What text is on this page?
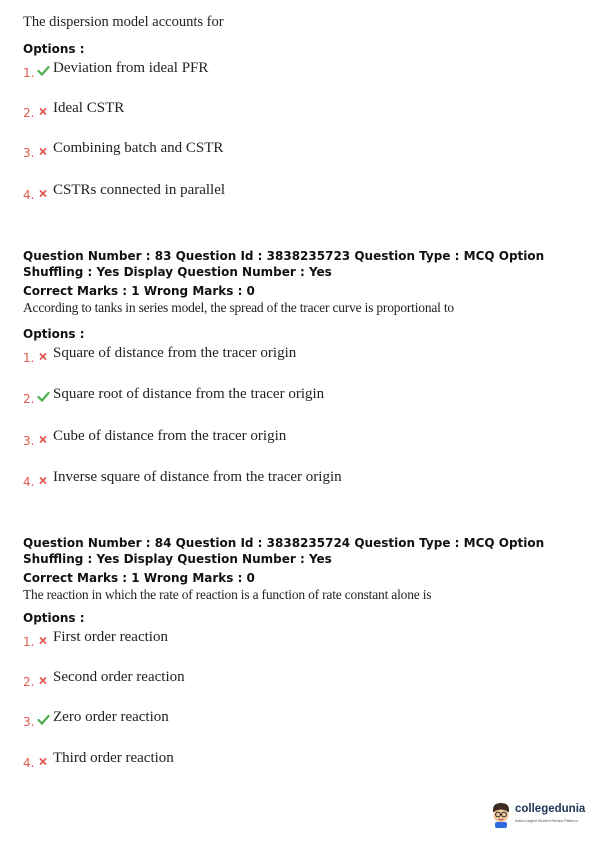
The dispersion model accounts for
Options :
1. Deviation from ideal PFR
2. Ideal CSTR
3. Combining batch and CSTR
4. CSTRs connected in parallel
Question Number : 83 Question Id : 3838235723 Question Type : MCQ Option Shuffling : Yes Display Question Number : Yes
Correct Marks : 1 Wrong Marks : 0
According to tanks in series model, the spread of the tracer curve is proportional to
Options :
1. Square of distance from the tracer origin
2. Square root of distance from the tracer origin
3. Cube of distance from the tracer origin
4. Inverse square of distance from the tracer origin
Question Number : 84 Question Id : 3838235724 Question Type : MCQ Option Shuffling : Yes Display Question Number : Yes
Correct Marks : 1 Wrong Marks : 0
The reaction in which the rate of reaction is a function of rate constant alone is
Options :
1. First order reaction
2. Second order reaction
3. Zero order reaction
4. Third order reaction
collegedunia
India's largest Student Review Platform
